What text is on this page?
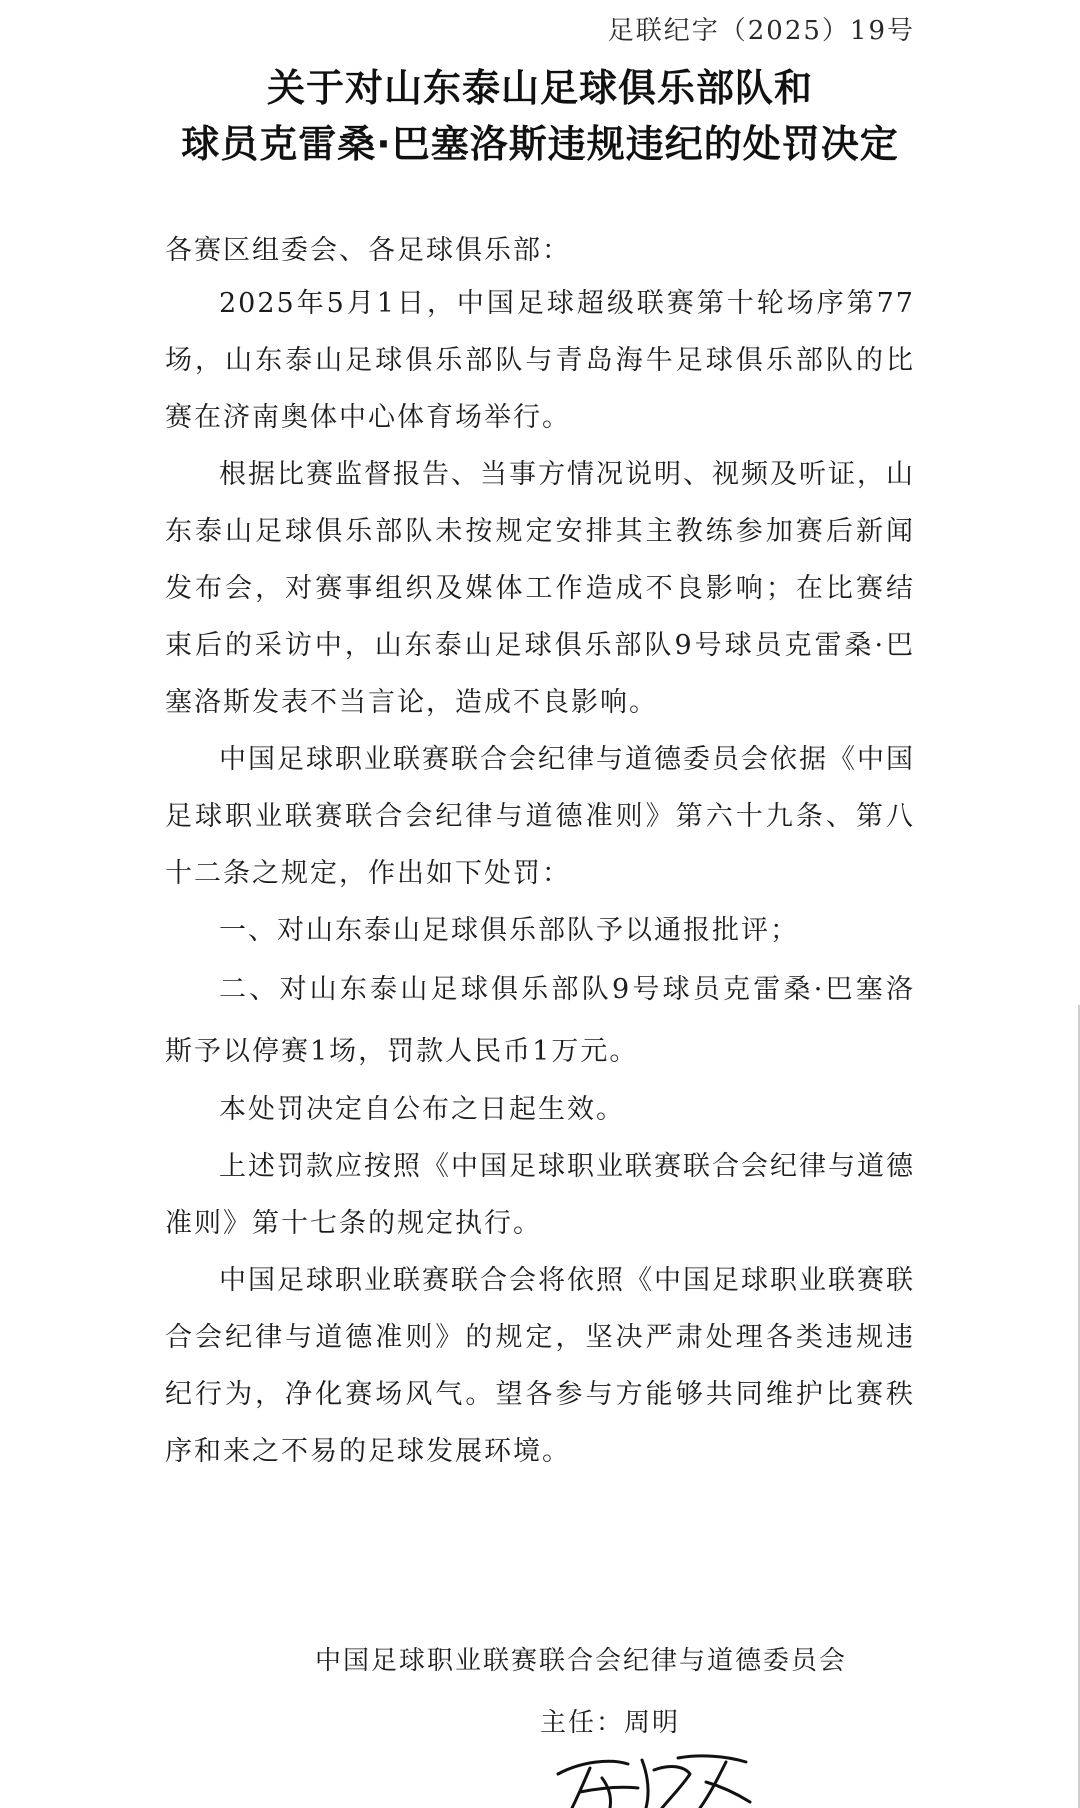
足联纪字（2025）19号
关于对山东泰山足球俱乐部队和
球员克雷桑·巴塞洛斯违规违纪的处罚决定
各赛区组委会、各足球俱乐部：

2025年5月1日，中国足球超级联赛第十轮场序第77场，山东泰山足球俱乐部队与青岛海牛足球俱乐部队的比赛在济南奥体中心体育场举行。

根据比赛监督报告、当事方情况说明、视频及听证，山东泰山足球俱乐部队未按规定安排其主教练参加赛后新闻发布会，对赛事组织及媒体工作造成不良影响；在比赛结束后的采访中，山东泰山足球俱乐部队9号球员克雷桑·巴塞洛斯发表不当言论，造成不良影响。

中国足球职业联赛联合会纪律与道德委员会依据《中国足球职业联赛联合会纪律与道德准则》第六十九条、第八十二条之规定，作出如下处罚：

一、对山东泰山足球俱乐部队予以通报批评；

二、对山东泰山足球俱乐部队9号球员克雷桑·巴塞洛斯予以停赛1场，罚款人民币1万元。

本处罚决定自公布之日起生效。

上述罚款应按照《中国足球职业联赛联合会纪律与道德准则》第十七条的规定执行。

中国足球职业联赛联合会将依照《中国足球职业联赛联合会纪律与道德准则》的规定，坚决严肃处理各类违规违纪行为，净化赛场风气。望各参与方能够共同维护比赛秩序和来之不易的足球发展环境。

中国足球职业联赛联合会纪律与道德委员会
主任：周明
